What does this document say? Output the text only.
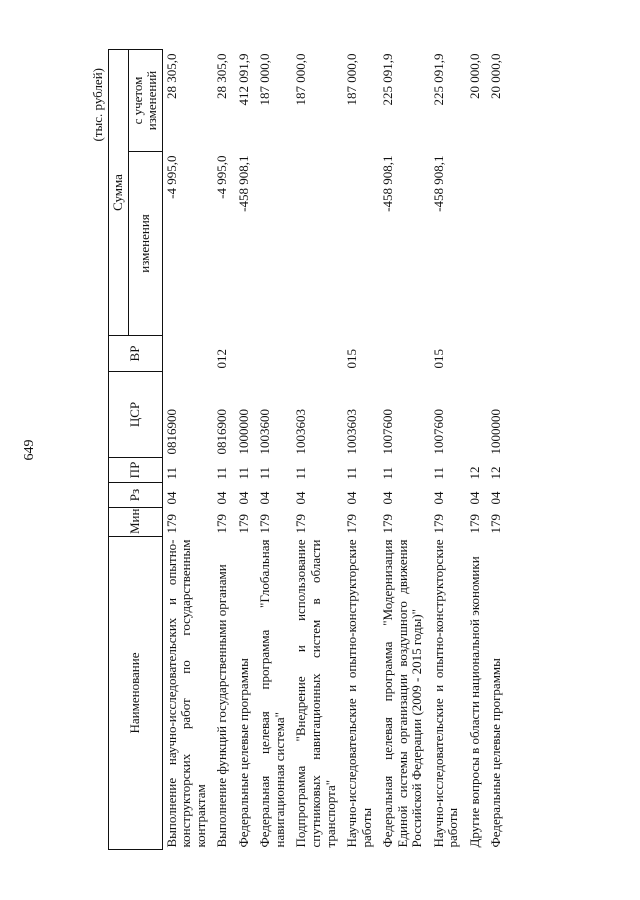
649
(тыс. рублей)
Наименование	Мин	Рз	ПР	ЦСР	ВР	Сумма	
						изменения	с учетом изменений
Выполнение научно-исследовательских и опытно-конструкторских работ по государственным контрактам	179	04	11	0816900		-4 995,0	28 305,0
Выполнение функций государственными органами	179	04	11	0816900	012	-4 995,0	28 305,0
Федеральные целевые программы	179	04	11	1000000		-458 908,1	412 091,9
Федеральная целевая программа "Глобальная навигационная система"	179	04	11	1003600			187 000,0
Подпрограмма "Внедрение и использование спутниковых навигационных систем в области транспорта"	179	04	11	1003603			187 000,0
Научно-исследовательские и опытно-конструкторские работы	179	04	11	1003603	015		187 000,0
Федеральная целевая программа "Модернизация Единой системы организации воздушного движения Российской Федерации (2009 - 2015 годы)"	179	04	11	1007600		-458 908,1	225 091,9
Научно-исследовательские и опытно-конструкторские работы	179	04	11	1007600	015	-458 908,1	225 091,9
Другие вопросы в области национальной экономики	179	04	12				20 000,0
Федеральные целевые программы	179	04	12	1000000			20 000,0
